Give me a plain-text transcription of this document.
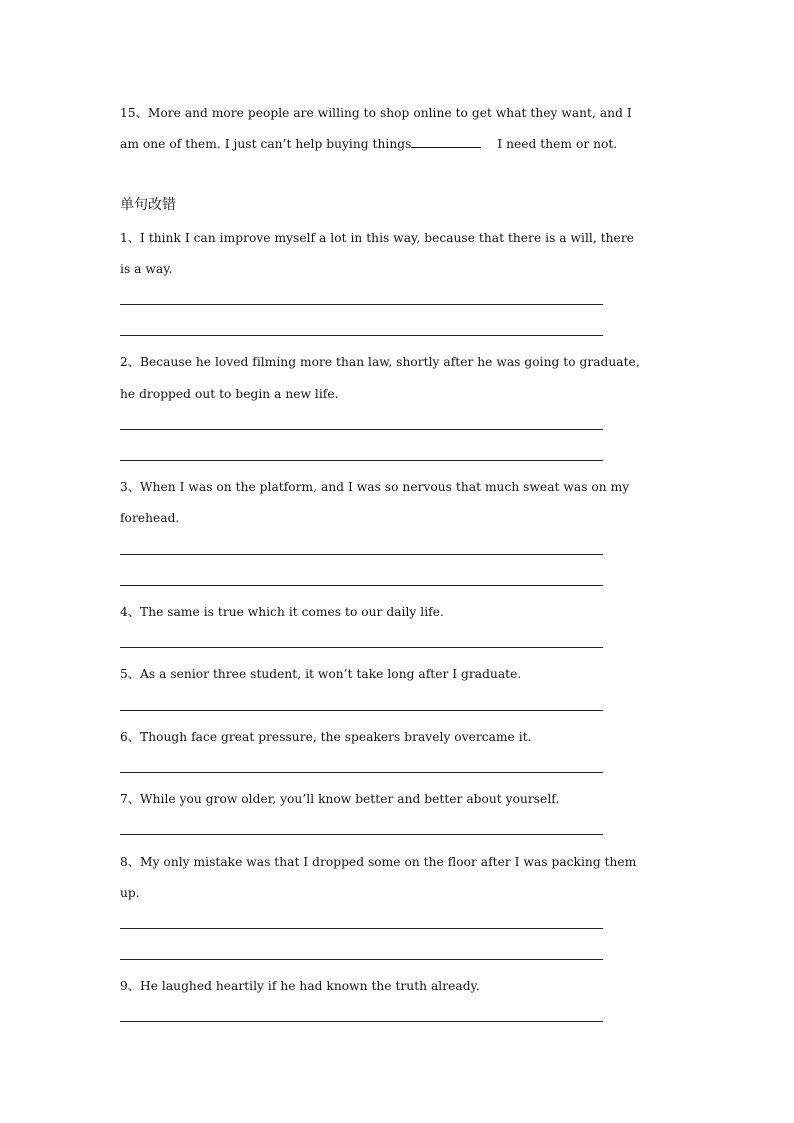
15、More and more people are willing to shop online to get what they want, and I
am one of them. I just can’t help buying things	I need them or not.
单句改错
1、I think I can improve myself a lot in this way, because that there is a will, there
is a way.
2、Because he loved filming more than law, shortly after he was going to graduate,
he dropped out to begin a new life.
3、When I was on the platform, and I was so nervous that much sweat was on my
forehead.
4、The same is true which it comes to our daily life.
5、As a senior three student, it won’t take long after I graduate.
6、Though face great pressure, the speakers bravely overcame it.
7、While you grow older, you’ll know better and better about yourself.
8、My only mistake was that I dropped some on the floor after I was packing them
up.
9、He laughed heartily if he had known the truth already.
